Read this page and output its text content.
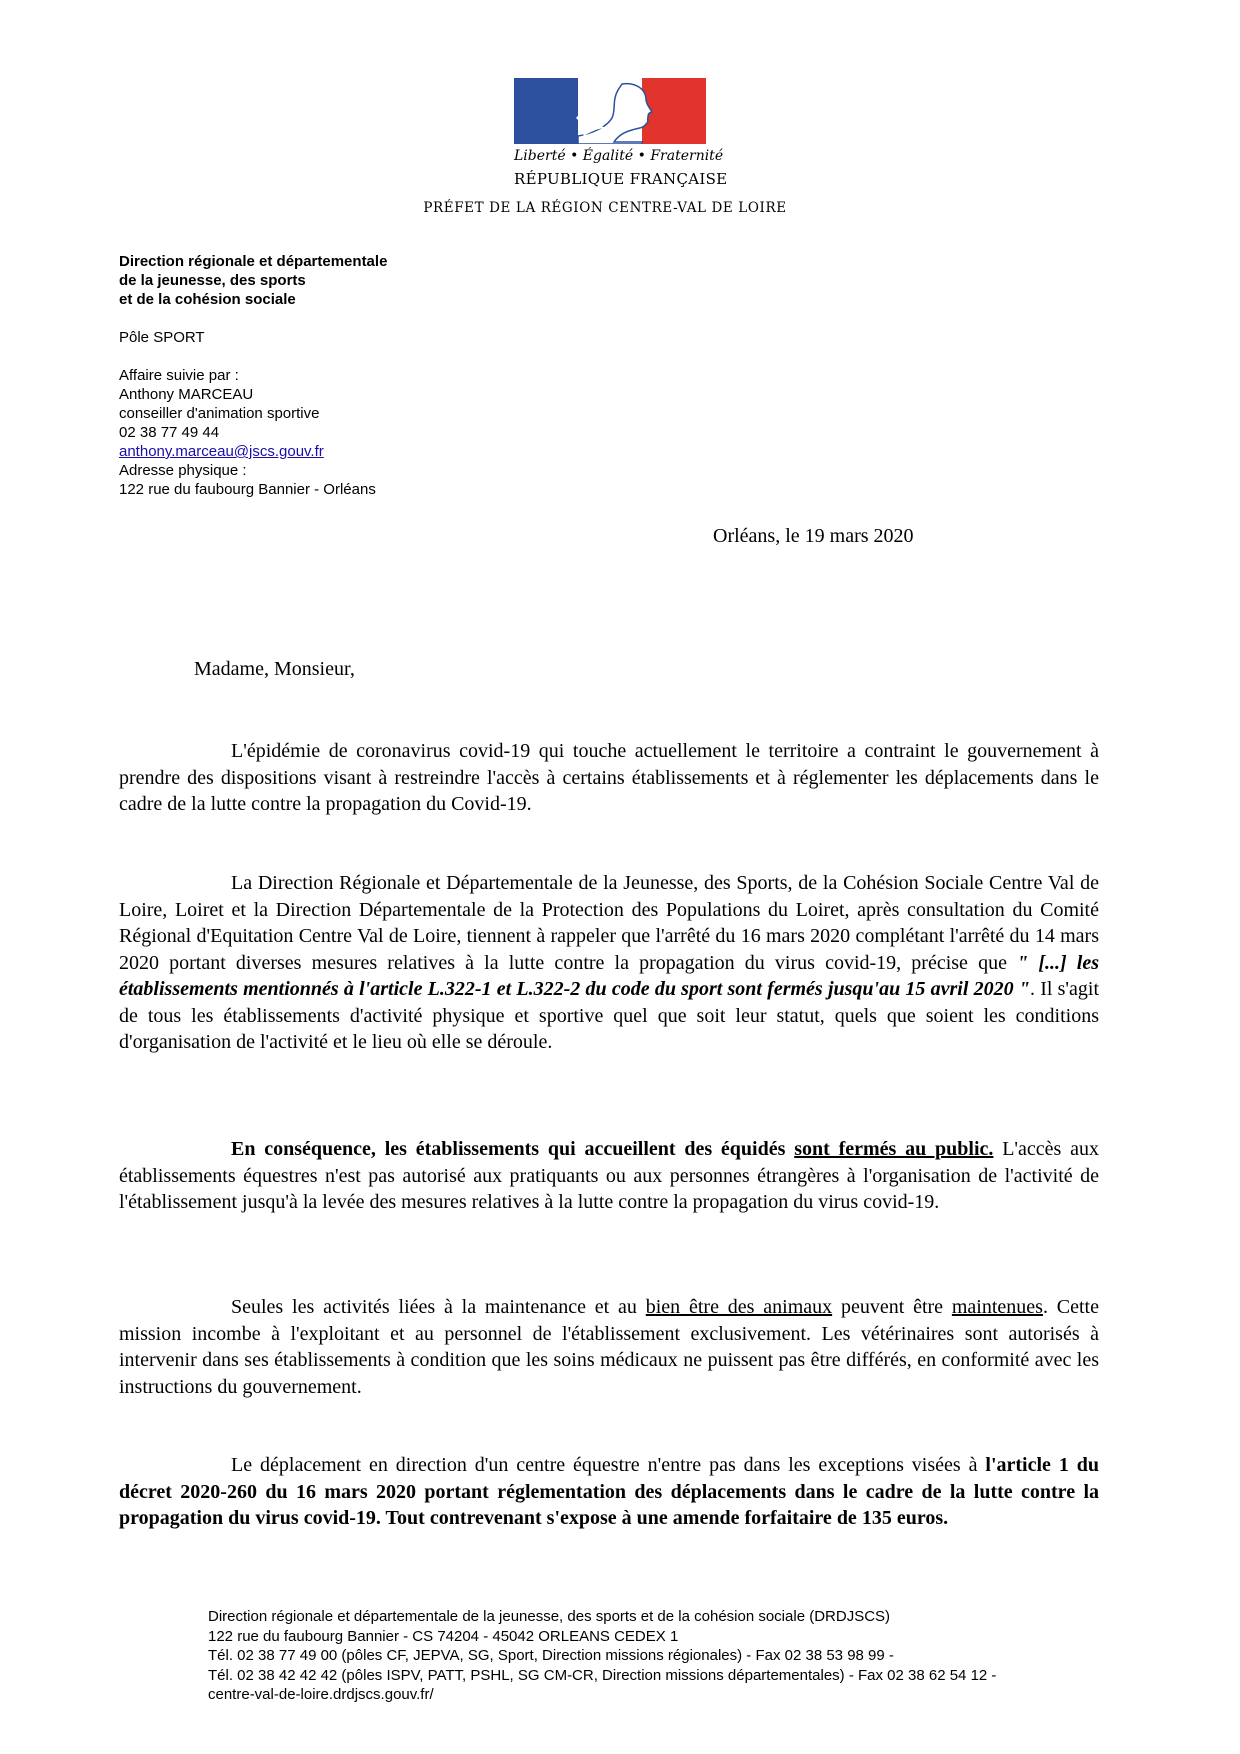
Liberté • Égalité • Fraternité
RÉPUBLIQUE FRANÇAISE
PRÉFET DE LA RÉGION CENTRE-VAL DE LOIRE
Direction régionale et départementale
de la jeunesse, des sports
et de la cohésion sociale
Pôle SPORT
Affaire suivie par :
Anthony MARCEAU
conseiller d'animation sportive
02 38 77 49 44
anthony.marceau@jscs.gouv.fr
Adresse physique :
122 rue du faubourg Bannier - Orléans
Orléans, le 19 mars 2020
Madame, Monsieur,

L'épidémie de coronavirus covid-19 qui touche actuellement le territoire a contraint le gouvernement à prendre des dispositions visant à restreindre l'accès à certains établissements et à réglementer les déplacements dans le cadre de la lutte contre la propagation du Covid-19.

La Direction Régionale et Départementale de la Jeunesse, des Sports, de la Cohésion Sociale Centre Val de Loire, Loiret et la Direction Départementale de la Protection des Populations du Loiret, après consultation du Comité Régional d'Equitation Centre Val de Loire, tiennent à rappeler que l'arrêté du 16 mars 2020 complétant l'arrêté du 14 mars 2020 portant diverses mesures relatives à la lutte contre la propagation du virus covid-19, précise que " [...] les établissements mentionnés à l'article L.322-1 et L.322-2 du code du sport sont fermés jusqu'au 15 avril 2020 ". Il s'agit de tous les établissements d'activité physique et sportive quel que soit leur statut, quels que soient les conditions d'organisation de l'activité et le lieu où elle se déroule.

En conséquence, les établissements qui accueillent des équidés sont fermés au public. L'accès aux établissements équestres n'est pas autorisé aux pratiquants ou aux personnes étrangères à l'organisation de l'activité de l'établissement jusqu'à la levée des mesures relatives à la lutte contre la propagation du virus covid-19.

Seules les activités liées à la maintenance et au bien être des animaux peuvent être maintenues. Cette mission incombe à l'exploitant et au personnel de l'établissement exclusivement. Les vétérinaires sont autorisés à intervenir dans ses établissements à condition que les soins médicaux ne puissent pas être différés, en conformité avec les instructions du gouvernement.

Le déplacement en direction d'un centre équestre n'entre pas dans les exceptions visées à l'article 1 du décret 2020-260 du 16 mars 2020 portant réglementation des déplacements dans le cadre de la lutte contre la propagation du virus covid-19. Tout contrevenant s'expose à une amende forfaitaire de 135 euros.

Direction régionale et départementale de la jeunesse, des sports et de la cohésion sociale (DRDJSCS)
122 rue du faubourg Bannier - CS 74204 - 45042 ORLEANS CEDEX 1
Tél. 02 38 77 49 00 (pôles CF, JEPVA, SG, Sport, Direction missions régionales) - Fax 02 38 53 98 99 -
Tél. 02 38 42 42 42 (pôles ISPV, PATT, PSHL, SG CM-CR, Direction missions départementales) - Fax 02 38 62 54 12 -
centre-val-de-loire.drdjscs.gouv.fr/
